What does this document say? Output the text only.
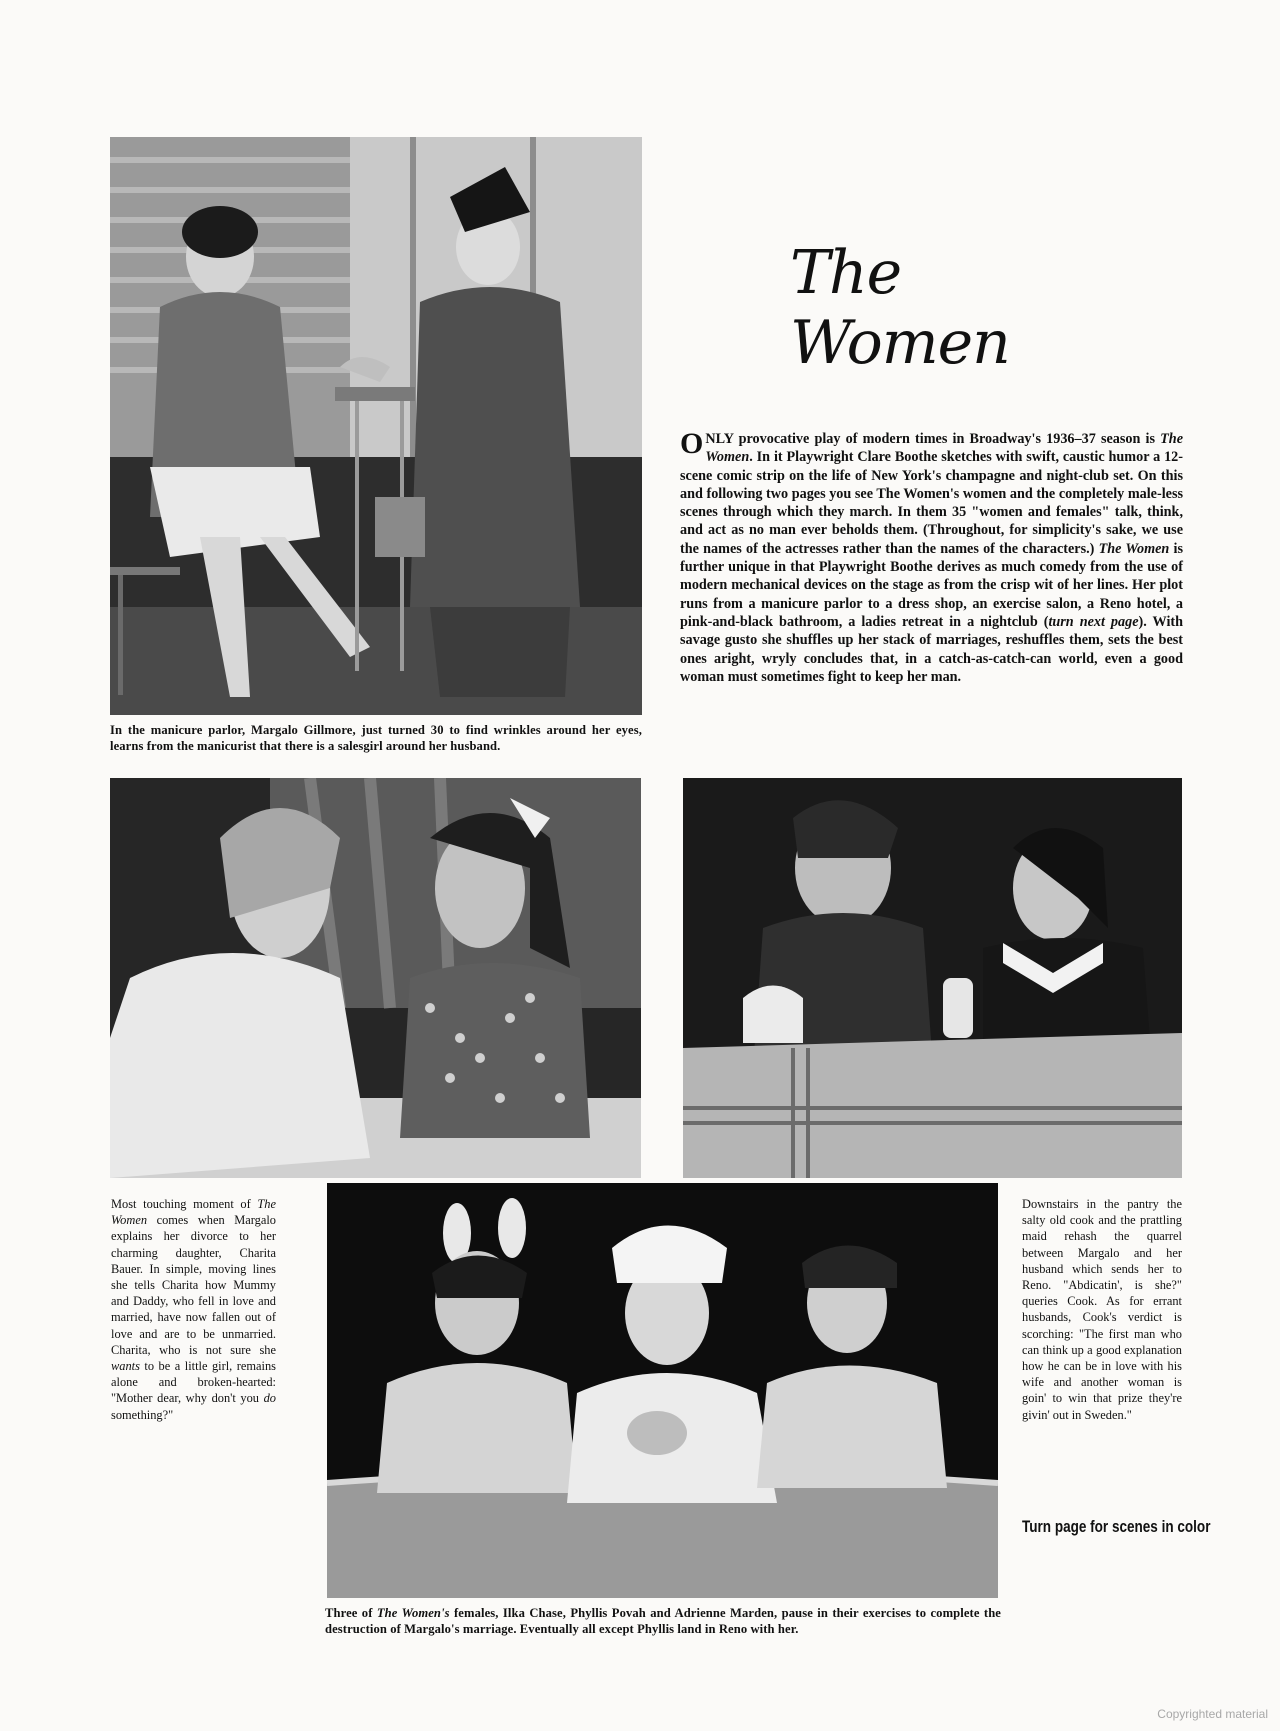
In the manicure parlor, Margalo Gillmore, just turned 30 to find wrinkles around her eyes, learns from the manicurist that there is a salesgirl around her husband.
The Women
ONLY provocative play of modern times in Broadway's 1936–37 season is The Women. In it Playwright Clare Boothe sketches with swift, caustic humor a 12-scene comic strip on the life of New York's champagne and night-club set. On this and following two pages you see The Women's women and the completely male-less scenes through which they march. In them 35 "women and females" talk, think, and act as no man ever beholds them. (Throughout, for simplicity's sake, we use the names of the actresses rather than the names of the characters.) The Women is further unique in that Playwright Boothe derives as much comedy from the use of modern mechanical devices on the stage as from the crisp wit of her lines. Her plot runs from a manicure parlor to a dress shop, an exercise salon, a Reno hotel, a pink-and-black bathroom, a ladies retreat in a nightclub (turn next page). With savage gusto she shuffles up her stack of marriages, reshuffles them, sets the best ones aright, wryly concludes that, in a catch-as-catch-can world, even a good woman must sometimes fight to keep her man.
Most touching moment of The Women comes when Margalo explains her divorce to her charming daughter, Charita Bauer. In simple, moving lines she tells Charita how Mummy and Daddy, who fell in love and married, have now fallen out of love and are to be unmarried. Charita, who is not sure she wants to be a little girl, remains alone and broken-hearted: "Mother dear, why don't you do something?"
Downstairs in the pantry the salty old cook and the prattling maid rehash the quarrel between Margalo and her husband which sends her to Reno. "Abdicatin', is she?" queries Cook. As for errant husbands, Cook's verdict is scorching: "The first man who can think up a good explanation how he can be in love with his wife and another woman is goin' to win that prize they're givin' out in Sweden."
Turn page for scenes in color
Three of The Women's females, Ilka Chase, Phyllis Povah and Adrienne Marden, pause in their exercises to complete the destruction of Margalo's marriage. Eventually all except Phyllis land in Reno with her.
Copyrighted material
